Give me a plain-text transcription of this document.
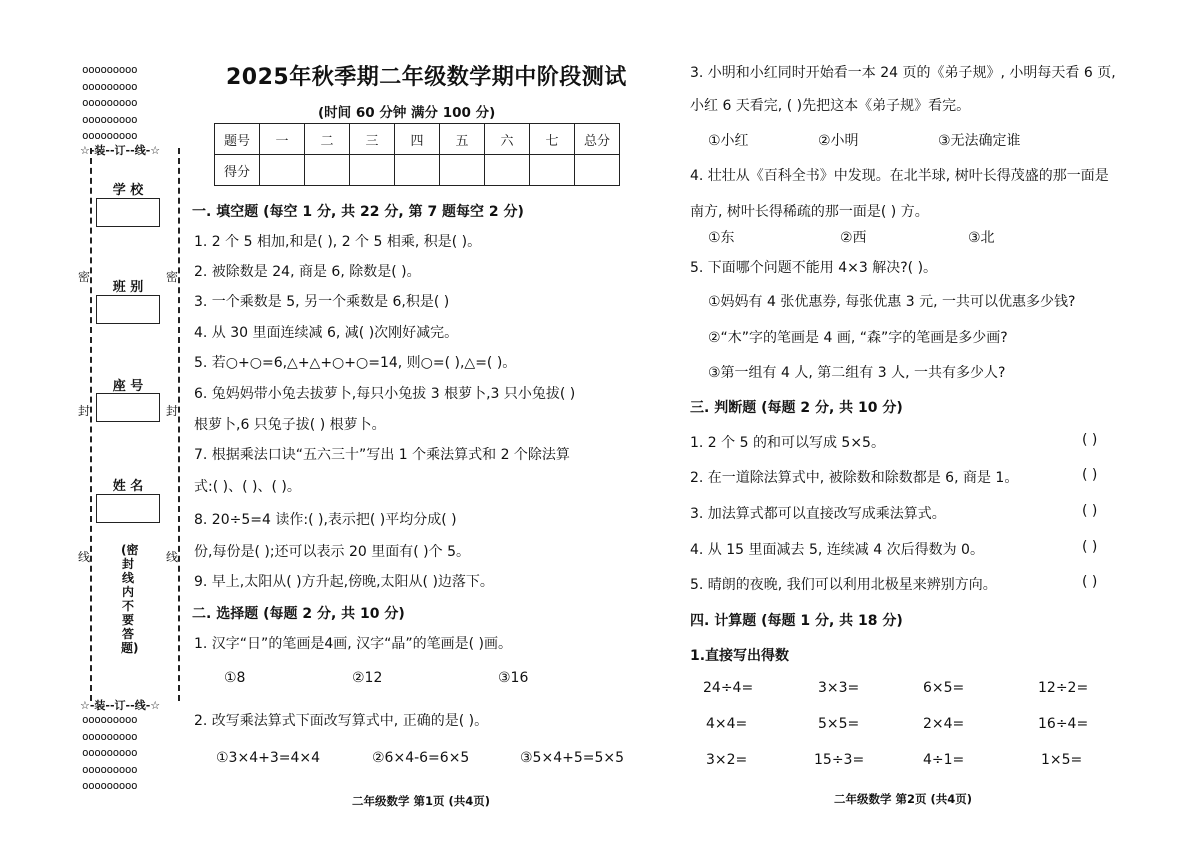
ooooooooo
ooooooooo
ooooooooo
ooooooooo
ooooooooo
☆-装--订--线-☆
学 校
班 别
座 号
姓 名
密	密
封	封
线	线
(密封线内不要答题)
☆-装--订--线-☆
ooooooooo
ooooooooo
ooooooooo
ooooooooo
ooooooooo
2025年秋季期二年级数学期中阶段测试
(时间 60 分钟 满分 100 分)
题号	一	二	三	四	五	六	七	总分
得分								
一. 填空题 (每空 1 分, 共 22 分, 第 7 题每空 2 分)
1. 2 个 5 相加,和是( ), 2 个 5 相乘, 积是( )。
2. 被除数是 24, 商是 6, 除数是( )。
3. 一个乘数是 5, 另一个乘数是 6,积是( )
4. 从 30 里面连续减 6, 减( )次刚好减完。
5. 若○+○=6,△+△+○+○=14, 则○=( ),△=( )。
6. 兔妈妈带小兔去拔萝卜,每只小兔拔 3 根萝卜,3 只小兔拔( )
根萝卜,6 只兔子拔( ) 根萝卜。
7. 根据乘法口诀“五六三十”写出 1 个乘法算式和 2 个除法算
式:( )、( )、( )。
8. 20÷5=4 读作:( ),表示把( )平均分成( )
份,每份是( );还可以表示 20 里面有( )个 5。
9. 早上,太阳从( )方升起,傍晚,太阳从( )边落下。
二. 选择题 (每题 2 分, 共 10 分)
1. 汉字“日”的笔画是4画, 汉字“晶”的笔画是( )画。
①8	②12	③16
2. 改写乘法算式下面改写算式中, 正确的是( )。
①3×4+3=4×4	②6×4-6=6×5	③5×4+5=5×5
二年级数学 第1页 (共4页)
3. 小明和小红同时开始看一本 24 页的《弟子规》, 小明每天看 6 页,
小红 6 天看完, ( )先把这本《弟子规》看完。
①小红	②小明	③无法确定谁
4. 壮壮从《百科全书》中发现。在北半球, 树叶长得茂盛的那一面是
南方, 树叶长得稀疏的那一面是( ) 方。
①东	②西	③北
5. 下面哪个问题不能用 4×3 解决?( )。
①妈妈有 4 张优惠券, 每张优惠 3 元, 一共可以优惠多少钱?
②“木”字的笔画是 4 画, “森”字的笔画是多少画?
③第一组有 4 人, 第二组有 3 人, 一共有多少人?
三. 判断题 (每题 2 分, 共 10 分)
1. 2 个 5 的和可以写成 5×5。	( )
2. 在一道除法算式中, 被除数和除数都是 6, 商是 1。	( )
3. 加法算式都可以直接改写成乘法算式。	( )
4. 从 15 里面减去 5, 连续减 4 次后得数为 0。	( )
5. 晴朗的夜晚, 我们可以利用北极星来辨别方向。	( )
四. 计算题 (每题 1 分, 共 18 分)
1.直接写出得数
24÷4=	3×3=	6×5=	12÷2=
4×4=	5×5=	2×4=	16÷4=
3×2=	15÷3=	4÷1=	1×5=
二年级数学 第2页 (共4页)
